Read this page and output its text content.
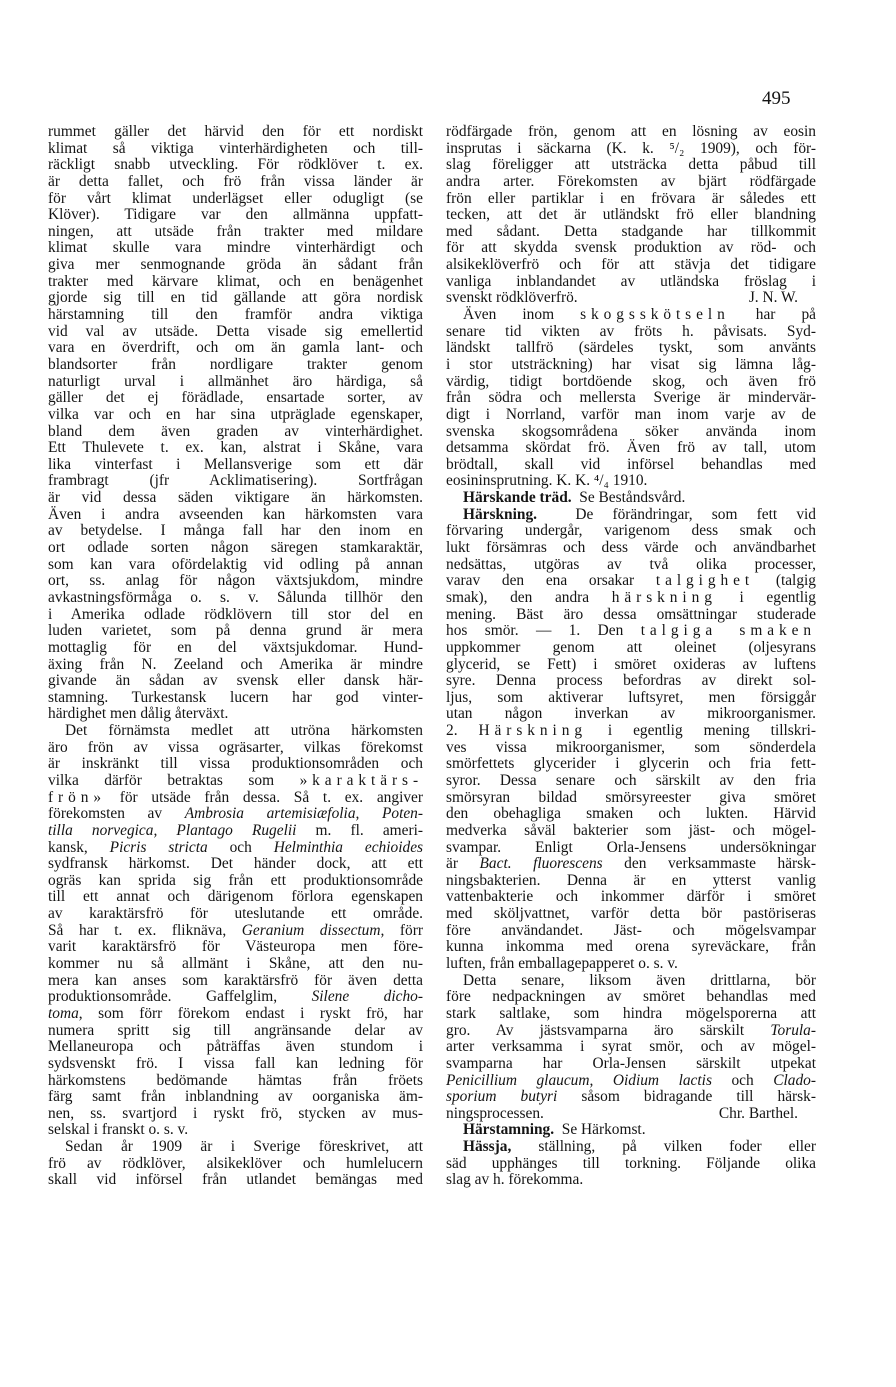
495
rummet gäller det härvid den för ett nordiskt
klimat så viktiga vinterhärdigheten och till-
räckligt snabb utveckling. För rödklöver t. ex.
är detta fallet, och frö från vissa länder är
för vårt klimat underlägset eller odugligt (se
Klöver). Tidigare var den allmänna uppfatt-
ningen, att utsäde från trakter med mildare
klimat skulle vara mindre vinterhärdigt och
giva mer senmognande gröda än sådant från
trakter med kärvare klimat, och en benägenhet
gjorde sig till en tid gällande att göra nordisk
härstamning till den framför andra viktiga
vid val av utsäde. Detta visade sig emellertid
vara en överdrift, och om än gamla lant- och
blandsorter från nordligare trakter genom
naturligt urval i allmänhet äro härdiga, så
gäller det ej förädlade, ensartade sorter, av
vilka var och en har sina utpräglade egenskaper,
bland dem även graden av vinterhärdighet.
Ett Thulevete t. ex. kan, alstrat i Skåne, vara
lika vinterfast i Mellansverige som ett där
frambragt (jfr Acklimatisering). Sortfrågan
är vid dessa säden viktigare än härkomsten.
Även i andra avseenden kan härkomsten vara
av betydelse. I många fall har den inom en
ort odlade sorten någon säregen stamkaraktär,
som kan vara ofördelaktig vid odling på annan
ort, ss. anlag för någon växtsjukdom, mindre
avkastningsförmåga o. s. v. Sålunda tillhör den
i Amerika odlade rödklövern till stor del en
luden varietet, som på denna grund är mera
mottaglig för en del växtsjukdomar. Hund-
äxing från N. Zeeland och Amerika är mindre
givande än sådan av svensk eller dansk här-
stamning. Turkestansk lucern har god vinter-
härdighet men dålig återväxt.
Det förnämsta medlet att utröna härkomsten
äro frön av vissa ogräsarter, vilkas förekomst
är inskränkt till vissa produktionsområden och
vilka därför betraktas som »karaktärs-
frön» för utsäde från dessa. Så t. ex. angiver
förekomsten av Ambrosia artemisiæfolia, Poten-
tilla norvegica, Plantago Rugelii m. fl. ameri-
kansk, Picris stricta och Helminthia echioides
sydfransk härkomst. Det händer dock, att ett
ogräs kan sprida sig från ett produktionsområde
till ett annat och därigenom förlora egenskapen
av karaktärsfrö för uteslutande ett område.
Så har t. ex. fliknäva, Geranium dissectum, förr
varit karaktärsfrö för Västeuropa men före-
kommer nu så allmänt i Skåne, att den nu-
mera kan anses som karaktärsfrö för även detta
produktionsområde. Gaffelglim, Silene dicho-
toma, som förr förekom endast i ryskt frö, har
numera spritt sig till angränsande delar av
Mellaneuropa och påträffas även stundom i
sydsvenskt frö. I vissa fall kan ledning för
härkomstens bedömande hämtas från fröets
färg samt från inblandning av oorganiska äm-
nen, ss. svartjord i ryskt frö, stycken av mus-
selskal i franskt o. s. v.
Sedan år 1909 är i Sverige föreskrivet, att
frö av rödklöver, alsikeklöver och humlelucern
skall vid införsel från utlandet bemängas med
rödfärgade frön, genom att en lösning av eosin
insprutas i säckarna (K. k. ⁵/₂ 1909), och för-
slag föreligger att utsträcka detta påbud till
andra arter. Förekomsten av bjärt rödfärgade
frön eller partiklar i en frövara är således ett
tecken, att det är utländskt frö eller blandning
med sådant. Detta stadgande har tillkommit
för att skydda svensk produktion av röd- och
alsikeklöverfrö och för att stävja det tidigare
vanliga inblandandet av utländska fröslag i
svenskt rödklöverfrö.	J. N. W.
Även inom skogsskötseln har på
senare tid vikten av fröts h. påvisats. Syd-
ländskt tallfrö (särdeles tyskt, som använts
i stor utsträckning) har visat sig lämna låg-
värdig, tidigt bortdöende skog, och även frö
från södra och mellersta Sverige är mindervär-
digt i Norrland, varför man inom varje av de
svenska skogsområdena söker använda inom
detsamma skördat frö. Även frö av tall, utom
brödtall, skall vid införsel behandlas med
eosininsprutning. K. K. ⁴/₄ 1910.
Härskande träd.  Se Beståndsvård.
Härskning.  De förändringar, som fett vid
förvaring undergår, varigenom dess smak och
lukt försämras och dess värde och användbarhet
nedsättas, utgöras av två olika processer,
varav den ena orsakar talgighet (talgig
smak), den andra härskning i egentlig
mening. Bäst äro dessa omsättningar studerade
hos smör. — 1. Den talgiga smaken
uppkommer genom att oleinet (oljesyrans
glycerid, se Fett) i smöret oxideras av luftens
syre. Denna process befordras av direkt sol-
ljus, som aktiverar luftsyret, men försiggår
utan någon inverkan av mikroorganismer.
2. Härskning i egentlig mening tillskri-
ves vissa mikroorganismer, som sönderdela
smörfettets glycerider i glycerin och fria fett-
syror. Dessa senare och särskilt av den fria
smörsyran bildad smörsyreester giva smöret
den obehagliga smaken och lukten. Härvid
medverka såväl bakterier som jäst- och mögel-
svampar. Enligt Orla-Jensens undersökningar
är Bact. fluorescens den verksammaste härsk-
ningsbakterien. Denna är en ytterst vanlig
vattenbakterie och inkommer därför i smöret
med sköljvattnet, varför detta bör pastöriseras
före användandet. Jäst- och mögelsvampar
kunna inkomma med orena syreväckare, från
luften, från emballagepapperet o. s. v.
Detta senare, liksom även drittlarna, bör
före nedpackningen av smöret behandlas med
stark saltlake, som hindra mögelsporerna att
gro. Av jästsvamparna äro särskilt Torula-
arter verksamma i syrat smör, och av mögel-
svamparna har Orla-Jensen särskilt utpekat
Penicillium glaucum, Oidium lactis och Clado-
sporium butyri såsom bidragande till härsk-
ningsprocessen.	Chr. Barthel.
Härstamning.  Se Härkomst.
Hässja, ställning, på vilken foder eller
säd upphänges till torkning. Följande olika
slag av h. förekomma.
